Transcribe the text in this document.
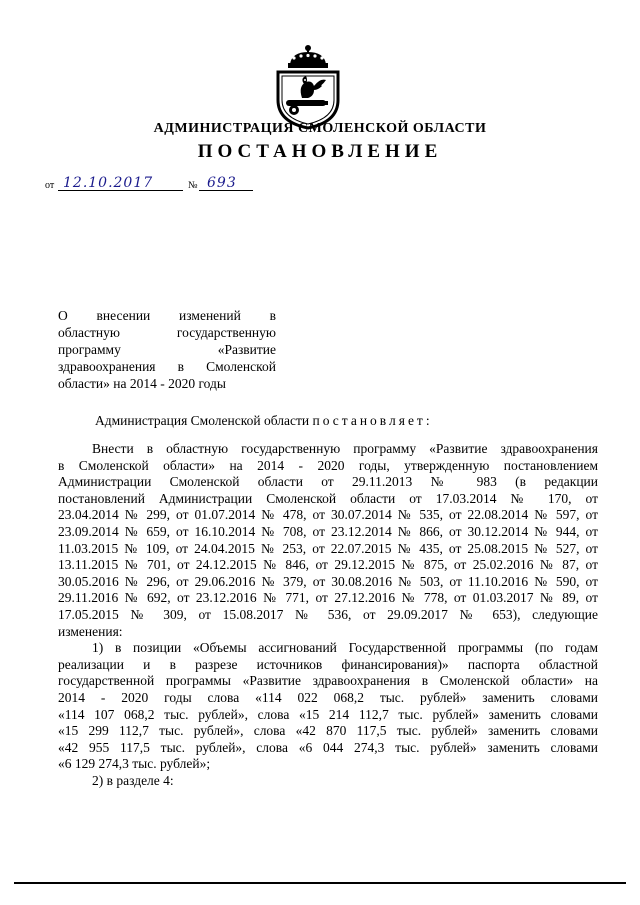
АДМИНИСТРАЦИЯ СМОЛЕНСКОЙ ОБЛАСТИ
ПОСТАНОВЛЕНИЕ
от 12.10.2017	№ 693
О внесении изменений в
областную государственную
программу «Развитие
здравоохранения в Смоленской
области» на 2014 - 2020 годы
Администрация Смоленской области постановляет:
Внести в областную государственную программу «Развитие здравоохранения
в Смоленской области» на 2014 - 2020 годы, утвержденную постановлением
Администрации Смоленской области от 29.11.2013 № 983 (в редакции
постановлений Администрации Смоленской области от 17.03.2014 № 170, от
23.04.2014 № 299, от 01.07.2014 № 478, от 30.07.2014 № 535, от 22.08.2014 № 597, от
23.09.2014 № 659, от 16.10.2014 № 708, от 23.12.2014 № 866, от 30.12.2014 № 944, от
11.03.2015 № 109, от 24.04.2015 № 253, от 22.07.2015 № 435, от 25.08.2015 № 527, от
13.11.2015 № 701, от 24.12.2015 № 846, от 29.12.2015 № 875, от 25.02.2016 № 87, от
30.05.2016 № 296, от 29.06.2016 № 379, от 30.08.2016 № 503, от 11.10.2016 № 590, от
29.11.2016 № 692, от 23.12.2016 № 771, от 27.12.2016 № 778, от 01.03.2017 № 89, от
17.05.2015 № 309, от 15.08.2017 № 536, от 29.09.2017 № 653), следующие
изменения:
1) в позиции «Объемы ассигнований Государственной программы (по годам
реализации и в разрезе источников финансирования)» паспорта областной
государственной программы «Развитие здравоохранения в Смоленской области» на
2014 - 2020 годы слова «114 022 068,2 тыс. рублей» заменить словами
«114 107 068,2 тыс. рублей», слова «15 214 112,7 тыс. рублей» заменить словами
«15 299 112,7 тыс. рублей», слова «42 870 117,5 тыс. рублей» заменить словами
«42 955 117,5 тыс. рублей», слова «6 044 274,3 тыс. рублей» заменить словами
«6 129 274,3 тыс. рублей»;
2) в разделе 4:
